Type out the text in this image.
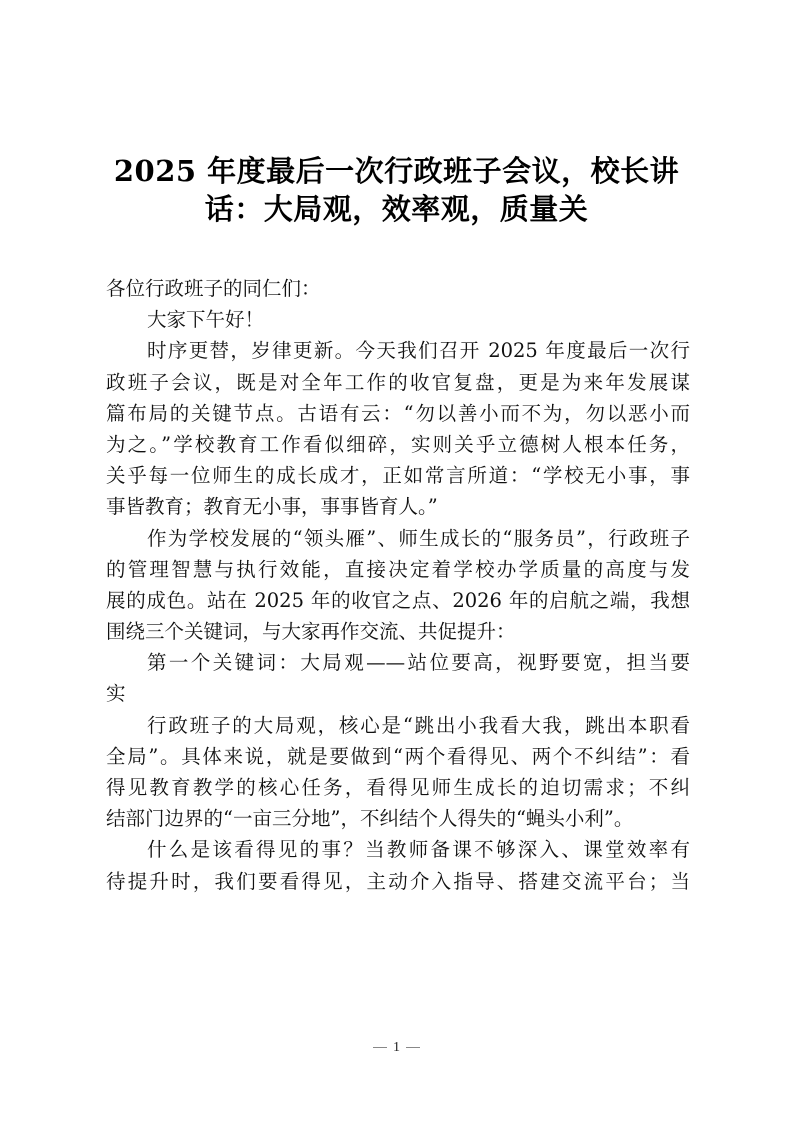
2025 年度最后一次行政班子会议，校长讲
话：大局观，效率观，质量关
各位行政班子的同仁们：
大家下午好！
时序更替，岁律更新。今天我们召开 2025 年度最后一次行
政班子会议，既是对全年工作的收官复盘，更是为来年发展谋
篇布局的关键节点。古语有云：“勿以善小而不为，勿以恶小而
为之。”学校教育工作看似细碎，实则关乎立德树人根本任务，
关乎每一位师生的成长成才，正如常言所道：“学校无小事，事
事皆教育；教育无小事，事事皆育人。”
作为学校发展的“领头雁”、师生成长的“服务员”，行政班子
的管理智慧与执行效能，直接决定着学校办学质量的高度与发
展的成色。站在 2025 年的收官之点、2026 年的启航之端，我想
围绕三个关键词，与大家再作交流、共促提升：
第一个关键词：大局观——站位要高，视野要宽，担当要
实
行政班子的大局观，核心是“跳出小我看大我，跳出本职看
全局”。具体来说，就是要做到“两个看得见、两个不纠结”：看
得见教育教学的核心任务，看得见师生成长的迫切需求；不纠
结部门边界的“一亩三分地”，不纠结个人得失的“蝇头小利”。
什么是该看得见的事？当教师备课不够深入、课堂效率有
待提升时，我们要看得见，主动介入指导、搭建交流平台；当
1
